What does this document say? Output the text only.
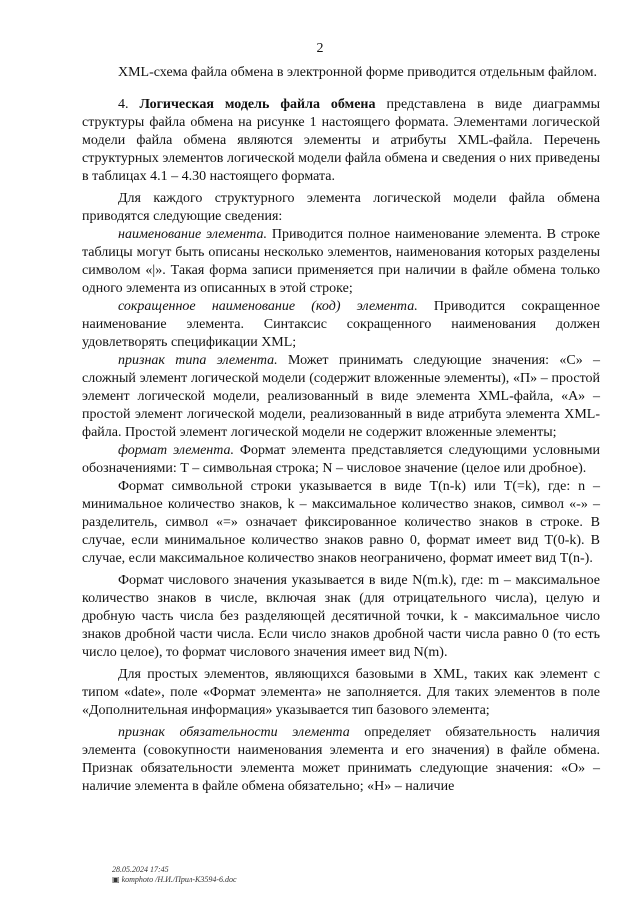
2

XML-схема файла обмена в электронной форме приводится отдельным файлом.

4. Логическая модель файла обмена представлена в виде диаграммы структуры файла обмена на рисунке 1 настоящего формата. Элементами логической модели файла обмена являются элементы и атрибуты XML-файла. Перечень структурных элементов логической модели файла обмена и сведения о них приведены в таблицах 4.1 – 4.30 настоящего формата.

Для каждого структурного элемента логической модели файла обмена приводятся следующие сведения:

наименование элемента. Приводится полное наименование элемента. В строке таблицы могут быть описаны несколько элементов, наименования которых разделены символом «|». Такая форма записи применяется при наличии в файле обмена только одного элемента из описанных в этой строке;

сокращенное наименование (код) элемента. Приводится сокращенное наименование элемента. Синтаксис сокращенного наименования должен удовлетворять спецификации XML;

признак типа элемента. Может принимать следующие значения: «С» – сложный элемент логической модели (содержит вложенные элементы), «П» – простой элемент логической модели, реализованный в виде элемента XML-файла, «А» – простой элемент логической модели, реализованный в виде атрибута элемента XML-файла. Простой элемент логической модели не содержит вложенные элементы;

формат элемента. Формат элемента представляется следующими условными обозначениями: Т – символьная строка; N – числовое значение (целое или дробное).

Формат символьной строки указывается в виде Т(n-k) или Т(=k), где: n – минимальное количество знаков, k – максимальное количество знаков, символ «-» – разделитель, символ «=» означает фиксированное количество знаков в строке. В случае, если минимальное количество знаков равно 0, формат имеет вид Т(0-k). В случае, если максимальное количество знаков неограничено, формат имеет вид Т(n-).

Формат числового значения указывается в виде N(m.k), где: m – максимальное количество знаков в числе, включая знак (для отрицательного числа), целую и дробную часть числа без разделяющей десятичной точки, k - максимальное число знаков дробной части числа. Если число знаков дробной части числа равно 0 (то есть число целое), то формат числового значения имеет вид N(m).

Для простых элементов, являющихся базовыми в XML, таких как элемент с типом «date», поле «Формат элемента» не заполняется. Для таких элементов в поле «Дополнительная информация» указывается тип базового элемента;

признак обязательности элемента определяет обязательность наличия элемента (совокупности наименования элемента и его значения) в файле обмена. Признак обязательности элемента может принимать следующие значения: «О» – наличие элемента в файле обмена обязательно; «Н» – наличие

28.05.2024 17:45
▣ komphoto /Н.И./Прил-К3594-6.doc
